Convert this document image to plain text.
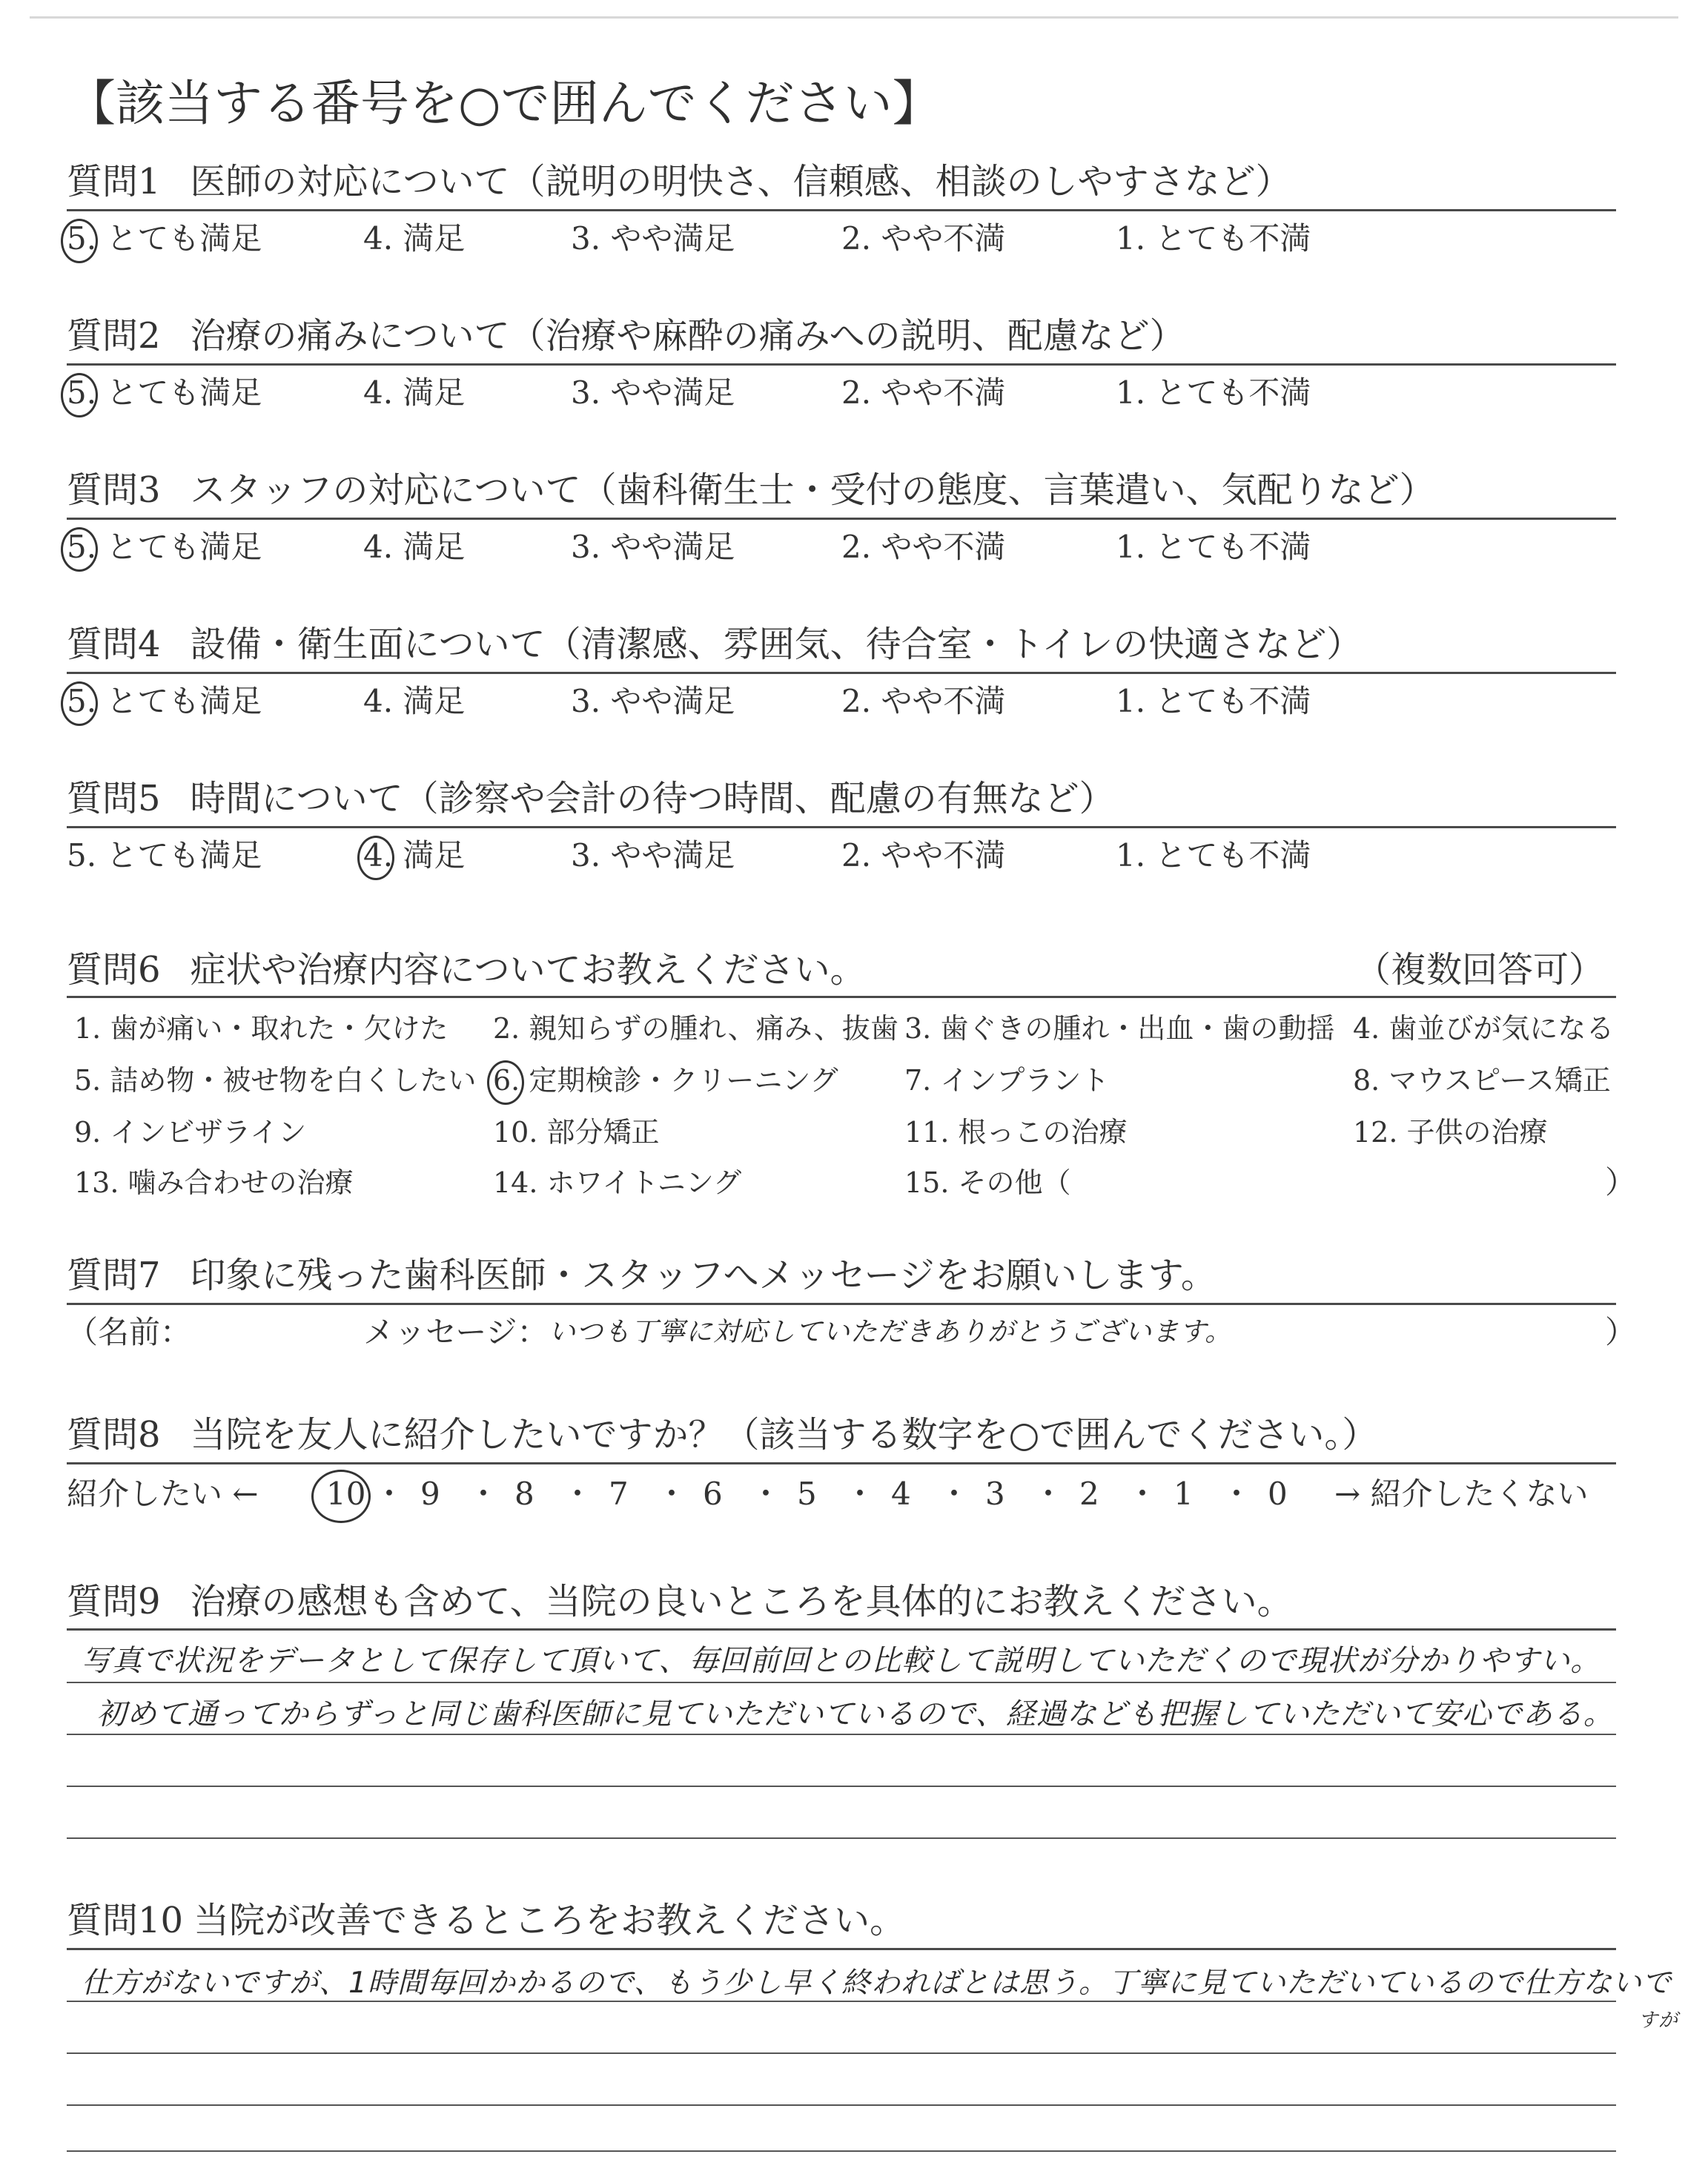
【該当する番号を○で囲んでください】
質問1 医師の対応について（説明の明快さ、信頼感、相談のしやすさなど）
5. とても満足	4. 満足	3. やや満足	2. やや不満	1. とても不満
質問2 治療の痛みについて（治療や麻酔の痛みへの説明、配慮など）
5. とても満足	4. 満足	3. やや満足	2. やや不満	1. とても不満
質問3 スタッフの対応について（歯科衛生士・受付の態度、言葉遣い、気配りなど）
5. とても満足	4. 満足	3. やや満足	2. やや不満	1. とても不満
質問4 設備・衛生面について（清潔感、雰囲気、待合室・トイレの快適さなど）
5. とても満足	4. 満足	3. やや満足	2. やや不満	1. とても不満
質問5 時間について（診察や会計の待つ時間、配慮の有無など）
5. とても満足	4. 満足	3. やや満足	2. やや不満	1. とても不満
質問6 症状や治療内容についてお教えください。	（複数回答可）
1. 歯が痛い・取れた・欠けた 2. 親知らずの腫れ、痛み、抜歯 3. 歯ぐきの腫れ・出血・歯の動揺 4. 歯並びが気になる
5. 詰め物・被せ物を白くしたい 6. 定期検診・クリーニング 7. インプラント	8. マウスピース矯正
9. インビザライン	10. 部分矯正	11. 根っこの治療	12. 子供の治療
13. 噛み合わせの治療	14. ホワイトニング	15. その他（	）
質問7 印象に残った歯科医師・スタッフへメッセージをお願いします。
（名前：	メッセージ： いつも丁寧に対応していただきありがとうございます。	）
質問8 当院を友人に紹介したいですか？（該当する数字を○で囲んでください。）
紹介したい ← 10 ・ 9 ・ 8 ・ 7 ・ 6 ・ 5 ・ 4 ・ 3 ・ 2 ・ 1 ・ 0 → 紹介したくない
質問9 治療の感想も含めて、当院の良いところを具体的にお教えください。
写真で状況をデータとして保存して頂いて、毎回前回との比較して説明していただくので現状が分かりやすい。
初めて通ってからずっと同じ歯科医師に見ていただいているので、経過なども把握していただいて安心である。
質問10 当院が改善できるところをお教えください。
仕方がないですが、1時間毎回かかるので、もう少し早く終わればとは思う。丁寧に見ていただいているので仕方ないで
すが
